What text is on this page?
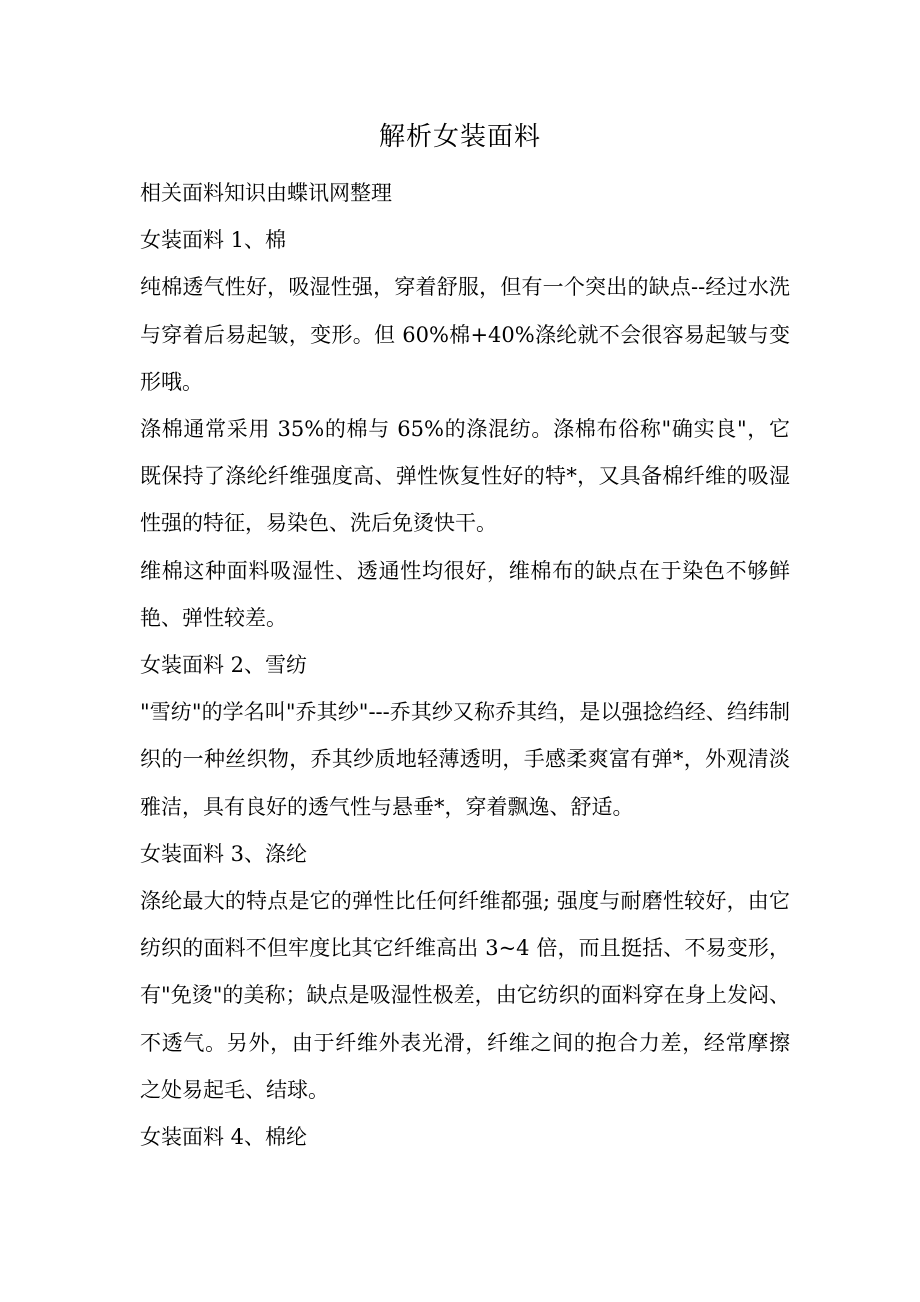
解析女装面料

相关面料知识由蝶讯网整理

女装面料 1、棉

纯棉透气性好，吸湿性强，穿着舒服，但有一个突出的缺点--经过水洗与穿着后易起皱，变形。但 60%棉+40%涤纶就不会很容易起皱与变形哦。

涤棉通常采用 35%的棉与 65%的涤混纺。涤棉布俗称"确实良"，它既保持了涤纶纤维强度高、弹性恢复性好的特*，又具备棉纤维的吸湿性强的特征，易染色、洗后免烫快干。

维棉这种面料吸湿性、透通性均很好，维棉布的缺点在于染色不够鲜艳、弹性较差。

女装面料 2、雪纺

"雪纺"的学名叫"乔其纱"---乔其纱又称乔其绉，是以强捻绉经、绉纬制织的一种丝织物，乔其纱质地轻薄透明，手感柔爽富有弹*，外观清淡雅洁，具有良好的透气性与悬垂*，穿着飘逸、舒适。

女装面料 3、涤纶

涤纶最大的特点是它的弹性比任何纤维都强; 强度与耐磨性较好，由它纺织的面料不但牢度比其它纤维高出 3~4 倍，而且挺括、不易变形，有"免烫"的美称；缺点是吸湿性极差，由它纺织的面料穿在身上发闷、不透气。另外，由于纤维外表光滑，纤维之间的抱合力差，经常摩擦之处易起毛、结球。

女装面料 4、棉纶
